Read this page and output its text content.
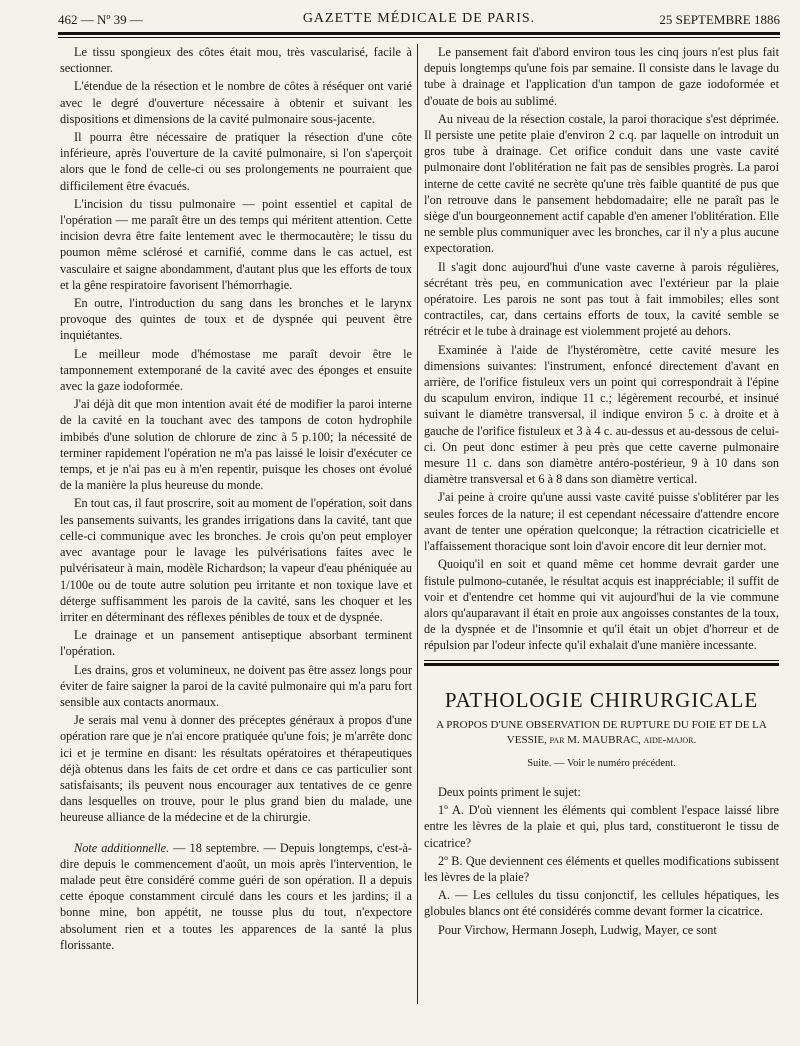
462 — Nº 39 —	GAZETTE MÉDICALE DE PARIS.	25 SEPTEMBRE 1886

Le tissu spongieux des côtes était mou, très vascularisé, facile à sectionner.

L'étendue de la résection et le nombre de côtes à réséquer ont varié avec le degré d'ouverture nécessaire à obtenir et suivant les dispositions et dimensions de la cavité pulmonaire sous-jacente.

Il pourra être nécessaire de pratiquer la résection d'une côte inférieure, après l'ouverture de la cavité pulmonaire, si l'on s'aperçoit alors que le fond de celle-ci ou ses prolongements ne pourraient que difficilement être évacués.

L'incision du tissu pulmonaire — point essentiel et capital de l'opération — me paraît être un des temps qui méritent attention. Cette incision devra être faite lentement avec le thermocautère; le tissu du poumon même sclérosé et carnifié, comme dans le cas actuel, est vasculaire et saigne abondamment, d'autant plus que les efforts de toux et la gêne respiratoire favorisent l'hémorrhagie.

En outre, l'introduction du sang dans les bronches et le larynx provoque des quintes de toux et de dyspnée qui peuvent être inquiétantes.

Le meilleur mode d'hémostase me paraît devoir être le tamponnement extemporané de la cavité avec des éponges et ensuite avec la gaze iodoformée.

J'ai déjà dit que mon intention avait été de modifier la paroi interne de la cavité en la touchant avec des tampons de coton hydrophile imbibés d'une solution de chlorure de zinc à 5 p.100; la nécessité de terminer rapidement l'opération ne m'a pas laissé le loisir d'exécuter ce temps, et je n'ai pas eu à m'en repentir, puisque les choses ont évolué de la manière la plus heureuse du monde.

En tout cas, il faut proscrire, soit au moment de l'opération, soit dans les pansements suivants, les grandes irrigations dans la cavité, tant que celle-ci communique avec les bronches. Je crois qu'on peut employer avec avantage pour le lavage les pulvérisations faites avec le pulvérisateur à main, modèle Richardson; la vapeur d'eau phéniquée au 1/100e ou de toute autre solution peu irritante et non toxique lave et déterge suffisamment les parois de la cavité, sans les choquer et les irriter en déterminant des réflexes pénibles de toux et de dyspnée.

Le drainage et un pansement antiseptique absorbant terminent l'opération.

Les drains, gros et volumineux, ne doivent pas être assez longs pour éviter de faire saigner la paroi de la cavité pulmonaire qui m'a paru fort sensible aux contacts anormaux.

Je serais mal venu à donner des préceptes généraux à propos d'une opération rare que je n'ai encore pratiquée qu'une fois; je m'arrête donc ici et je termine en disant: les résultats opératoires et thérapeutiques déjà obtenus dans les faits de cet ordre et dans ce cas particulier sont satisfaisants; ils peuvent nous encourager aux tentatives de ce genre dans lesquelles on trouve, pour le plus grand bien du malade, une heureuse alliance de la médecine et de la chirurgie.

Note additionnelle. — 18 septembre. — Depuis longtemps, c'est-à-dire depuis le commencement d'août, un mois après l'intervention, le malade peut être considéré comme guéri de son opération. Il a depuis cette époque constamment circulé dans les cours et les jardins; il a bonne mine, bon appétit, ne tousse plus du tout, n'expectore absolument rien et a toutes les apparences de la santé la plus florissante.

Le pansement fait d'abord environ tous les cinq jours n'est plus fait depuis longtemps qu'une fois par semaine. Il consiste dans le lavage du tube à drainage et l'application d'un tampon de gaze iodoformée et d'ouate de bois au sublimé.

Au niveau de la résection costale, la paroi thoracique s'est déprimée. Il persiste une petite plaie d'environ 2 c.q. par laquelle on introduit un gros tube à drainage. Cet orifice conduit dans une vaste cavité pulmonaire dont l'oblitération ne fait pas de sensibles progrès. La paroi interne de cette cavité ne secrète qu'une très faible quantité de pus que l'on retrouve dans le pansement hebdomadaire; elle ne paraît pas le siège d'un bourgeonnement actif capable d'en amener l'oblitération. Elle ne semble plus communiquer avec les bronches, car il n'y a plus aucune expectoration.

Il s'agit donc aujourd'hui d'une vaste caverne à parois régulières, sécrétant très peu, en communication avec l'extérieur par la plaie opératoire. Les parois ne sont pas tout à fait immobiles; elles sont contractiles, car, dans certains efforts de toux, la cavité semble se rétrécir et le tube à drainage est violemment projeté au dehors.

Examinée à l'aide de l'hystéromètre, cette cavité mesure les dimensions suivantes: l'instrument, enfoncé directement d'avant en arrière, de l'orifice fistuleux vers un point qui correspondrait à l'épine du scapulum environ, indique 11 c.; légèrement recourbé, et insinué suivant le diamètre transversal, il indique environ 5 c. à droite et à gauche de l'orifice fistuleux et 3 à 4 c. au-dessus et au-dessous de celui-ci. On peut donc estimer à peu près que cette caverne pulmonaire mesure 11 c. dans son diamètre antéro-postérieur, 9 à 10 dans son diamètre transversal et 6 à 8 dans son diamètre vertical.

J'ai peine à croire qu'une aussi vaste cavité puisse s'oblitérer par les seules forces de la nature; il est cependant nécessaire d'attendre encore avant de tenter une opération quelconque; la rétraction cicatricielle et l'affaissement thoracique sont loin d'avoir encore dit leur dernier mot.

Quoiqu'il en soit et quand même cet homme devrait garder une fistule pulmono-cutanée, le résultat acquis est inappréciable; il suffit de voir et d'entendre cet homme qui vit aujourd'hui de la vie commune alors qu'auparavant il était en proie aux angoisses constantes de la toux, de la dyspnée et de l'insomnie et qu'il était un objet d'horreur et de répulsion par l'odeur infecte qu'il exhalait d'une manière incessante.

PATHOLOGIE CHIRURGICALE
A PROPOS D'UNE OBSERVATION DE RUPTURE DU FOIE ET DE LA VESSIE, par M. MAUBRAC, aide-major.
Suite. — Voir le numéro précédent.

Deux points priment le sujet:

1º A. D'où viennent les éléments qui comblent l'espace laissé libre entre les lèvres de la plaie et qui, plus tard, constitueront le tissu de cicatrice?

2º B. Que deviennent ces éléments et quelles modifications subissent les lèvres de la plaie?

A. — Les cellules du tissu conjonctif, les cellules hépatiques, les globules blancs ont été considérés comme devant former la cicatrice.

Pour Virchow, Hermann Joseph, Ludwig, Mayer, ce sont
